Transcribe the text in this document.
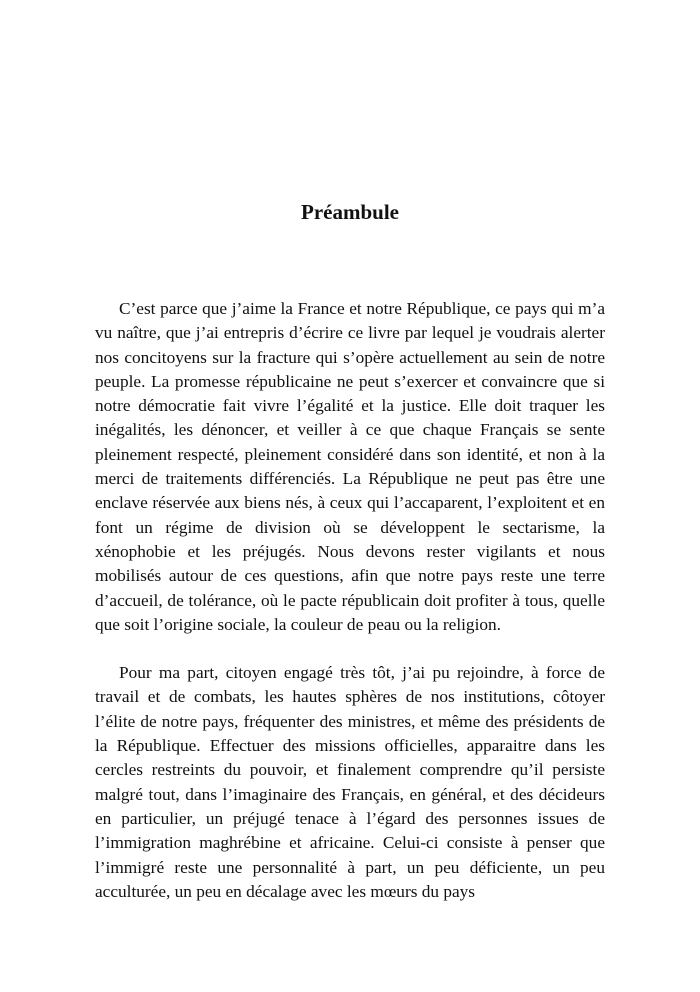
Préambule

C’est parce que j’aime la France et notre République, ce pays qui m’a vu naître, que j’ai entrepris d’écrire ce livre par lequel je voudrais alerter nos concitoyens sur la fracture qui s’opère actuellement au sein de notre peuple. La promesse républicaine ne peut s’exercer et convaincre que si notre démocratie fait vivre l’égalité et la justice. Elle doit traquer les inégalités, les dénoncer, et veiller à ce que chaque Français se sente pleinement respecté, pleinement considéré dans son identité, et non à la merci de traitements différenciés. La République ne peut pas être une enclave réservée aux biens nés, à ceux qui l’accaparent, l’exploitent et en font un régime de division où se développent le sectarisme, la xénophobie et les préjugés. Nous devons rester vigilants et nous mobilisés autour de ces questions, afin que notre pays reste une terre d’accueil, de tolérance, où le pacte républicain doit profiter à tous, quelle que soit l’origine sociale, la couleur de peau ou la religion.

Pour ma part, citoyen engagé très tôt, j’ai pu rejoindre, à force de travail et de combats, les hautes sphères de nos institutions, côtoyer l’élite de notre pays, fréquenter des ministres, et même des présidents de la République. Effectuer des missions officielles, apparaitre dans les cercles restreints du pouvoir, et finalement comprendre qu’il persiste malgré tout, dans l’imaginaire des Français, en général, et des décideurs en particulier, un préjugé tenace à l’égard des personnes issues de l’immigration maghrébine et africaine. Celui-ci consiste à penser que l’immigré reste une personnalité à part, un peu déficiente, un peu acculturée, un peu en décalage avec les mœurs du pays
